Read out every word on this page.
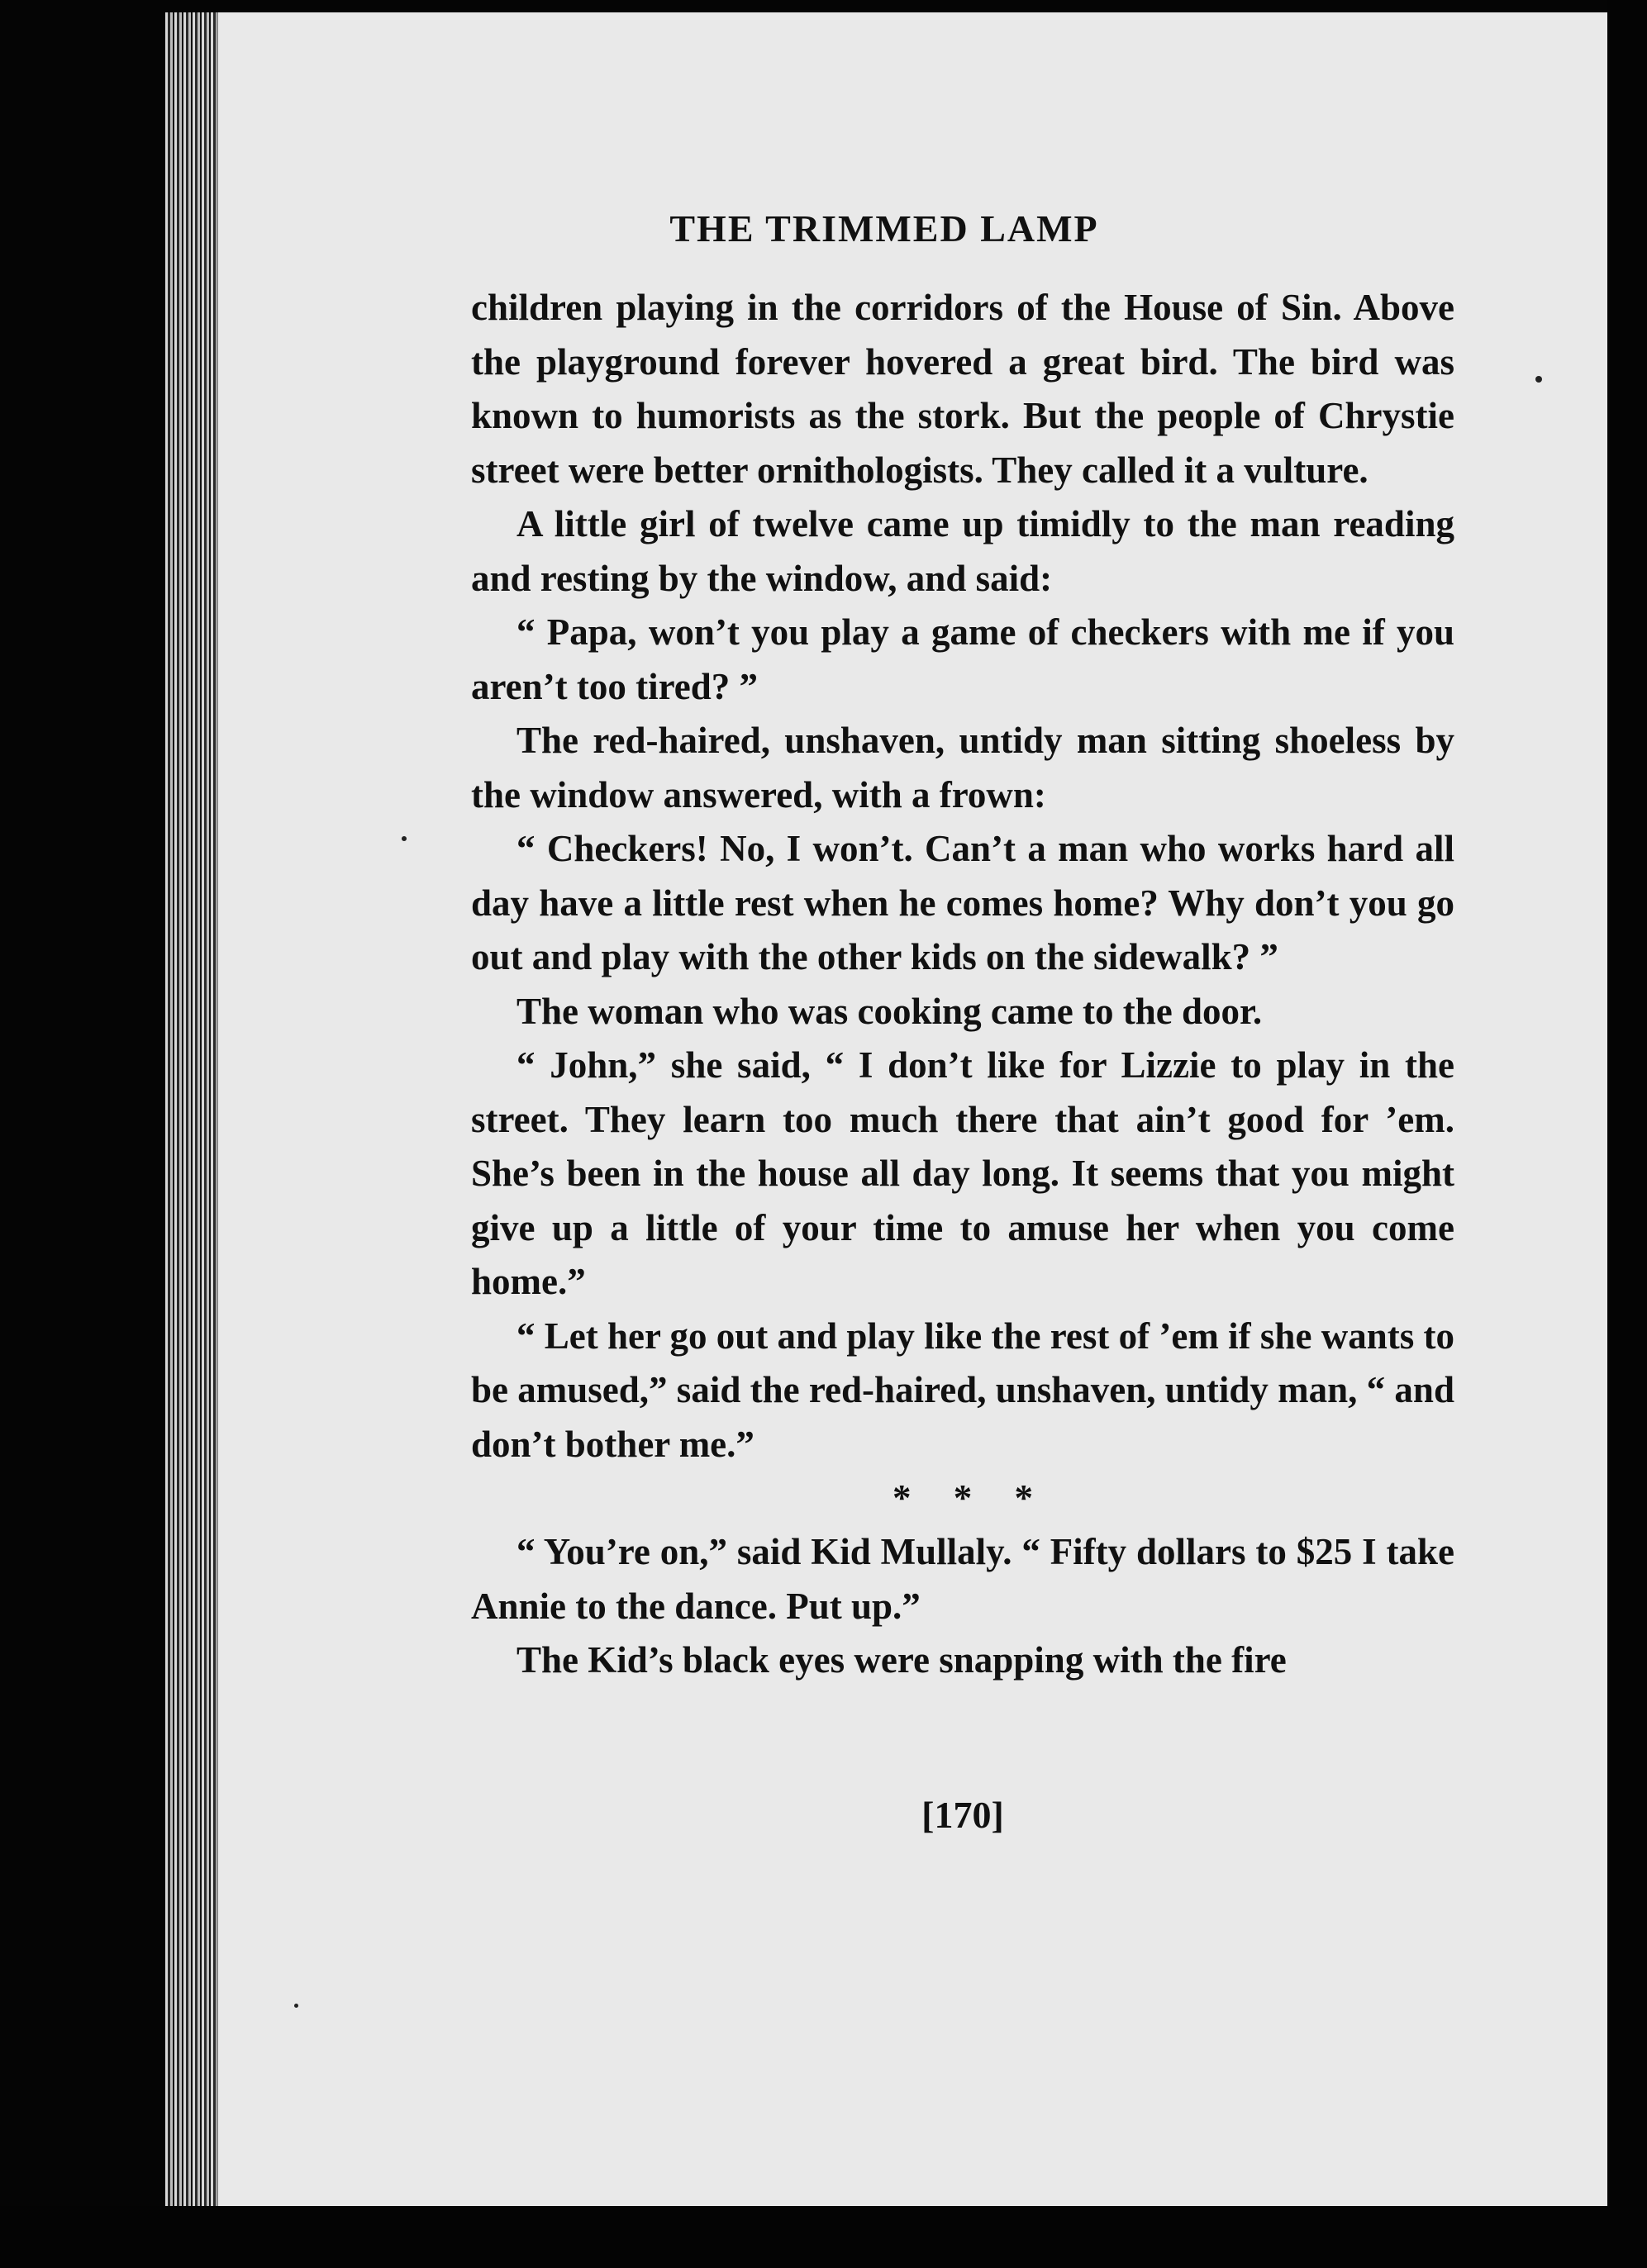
THE TRIMMED LAMP

children playing in the corridors of the House of Sin. Above the playground forever hovered a great bird. The bird was known to humorists as the stork. But the people of Chrystie street were better ornithologists. They called it a vulture.

A little girl of twelve came up timidly to the man reading and resting by the window, and said:

“ Papa, won’t you play a game of checkers with me if you aren’t too tired? ”

The red-haired, unshaven, untidy man sitting shoeless by the window answered, with a frown:

“ Checkers! No, I won’t. Can’t a man who works hard all day have a little rest when he comes home? Why don’t you go out and play with the other kids on the sidewalk? ”

The woman who was cooking came to the door.

“ John,” she said, “ I don’t like for Lizzie to play in the street. They learn too much there that ain’t good for ’em. She’s been in the house all day long. It seems that you might give up a little of your time to amuse her when you come home.”

“ Let her go out and play like the rest of ’em if she wants to be amused,” said the red-haired, unshaven, untidy man, “ and don’t bother me.”

* * *

“ You’re on,” said Kid Mullaly. “ Fifty dollars to $25 I take Annie to the dance. Put up.”

The Kid’s black eyes were snapping with the fire

[170]
